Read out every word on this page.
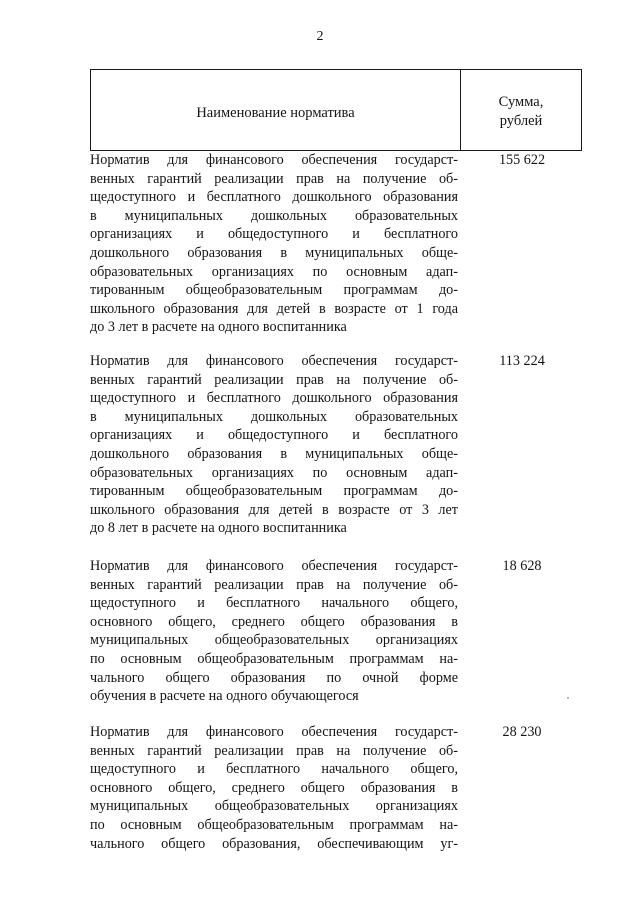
2
Наименование норматива
Сумма,
рублей
Норматив для финансового обеспечения государст-
венных гарантий реализации прав на получение об-
щедоступного и бесплатного дошкольного образования
в муниципальных дошкольных образовательных
организациях и общедоступного и бесплатного
дошкольного образования в муниципальных обще-
образовательных организациях по основным адап-
тированным общеобразовательным программам до-
школьного образования для детей в возрасте от 1 года
до 3 лет в расчете на одного воспитанника
155 622
Норматив для финансового обеспечения государст-
венных гарантий реализации прав на получение об-
щедоступного и бесплатного дошкольного образования
в муниципальных дошкольных образовательных
организациях и общедоступного и бесплатного
дошкольного образования в муниципальных обще-
образовательных организациях по основным адап-
тированным общеобразовательным программам до-
школьного образования для детей в возрасте от 3 лет
до 8 лет в расчете на одного воспитанника
113 224
Норматив для финансового обеспечения государст-
венных гарантий реализации прав на получение об-
щедоступного и бесплатного начального общего,
основного общего, среднего общего образования в
муниципальных общеобразовательных организациях
по основным общеобразовательным программам на-
чального общего образования по очной форме
обучения в расчете на одного обучающегося
18 628
Норматив для финансового обеспечения государст-
венных гарантий реализации прав на получение об-
щедоступного и бесплатного начального общего,
основного общего, среднего общего образования в
муниципальных общеобразовательных организациях
по основным общеобразовательным программам на-
чального общего образования, обеспечивающим уг-
28 230
